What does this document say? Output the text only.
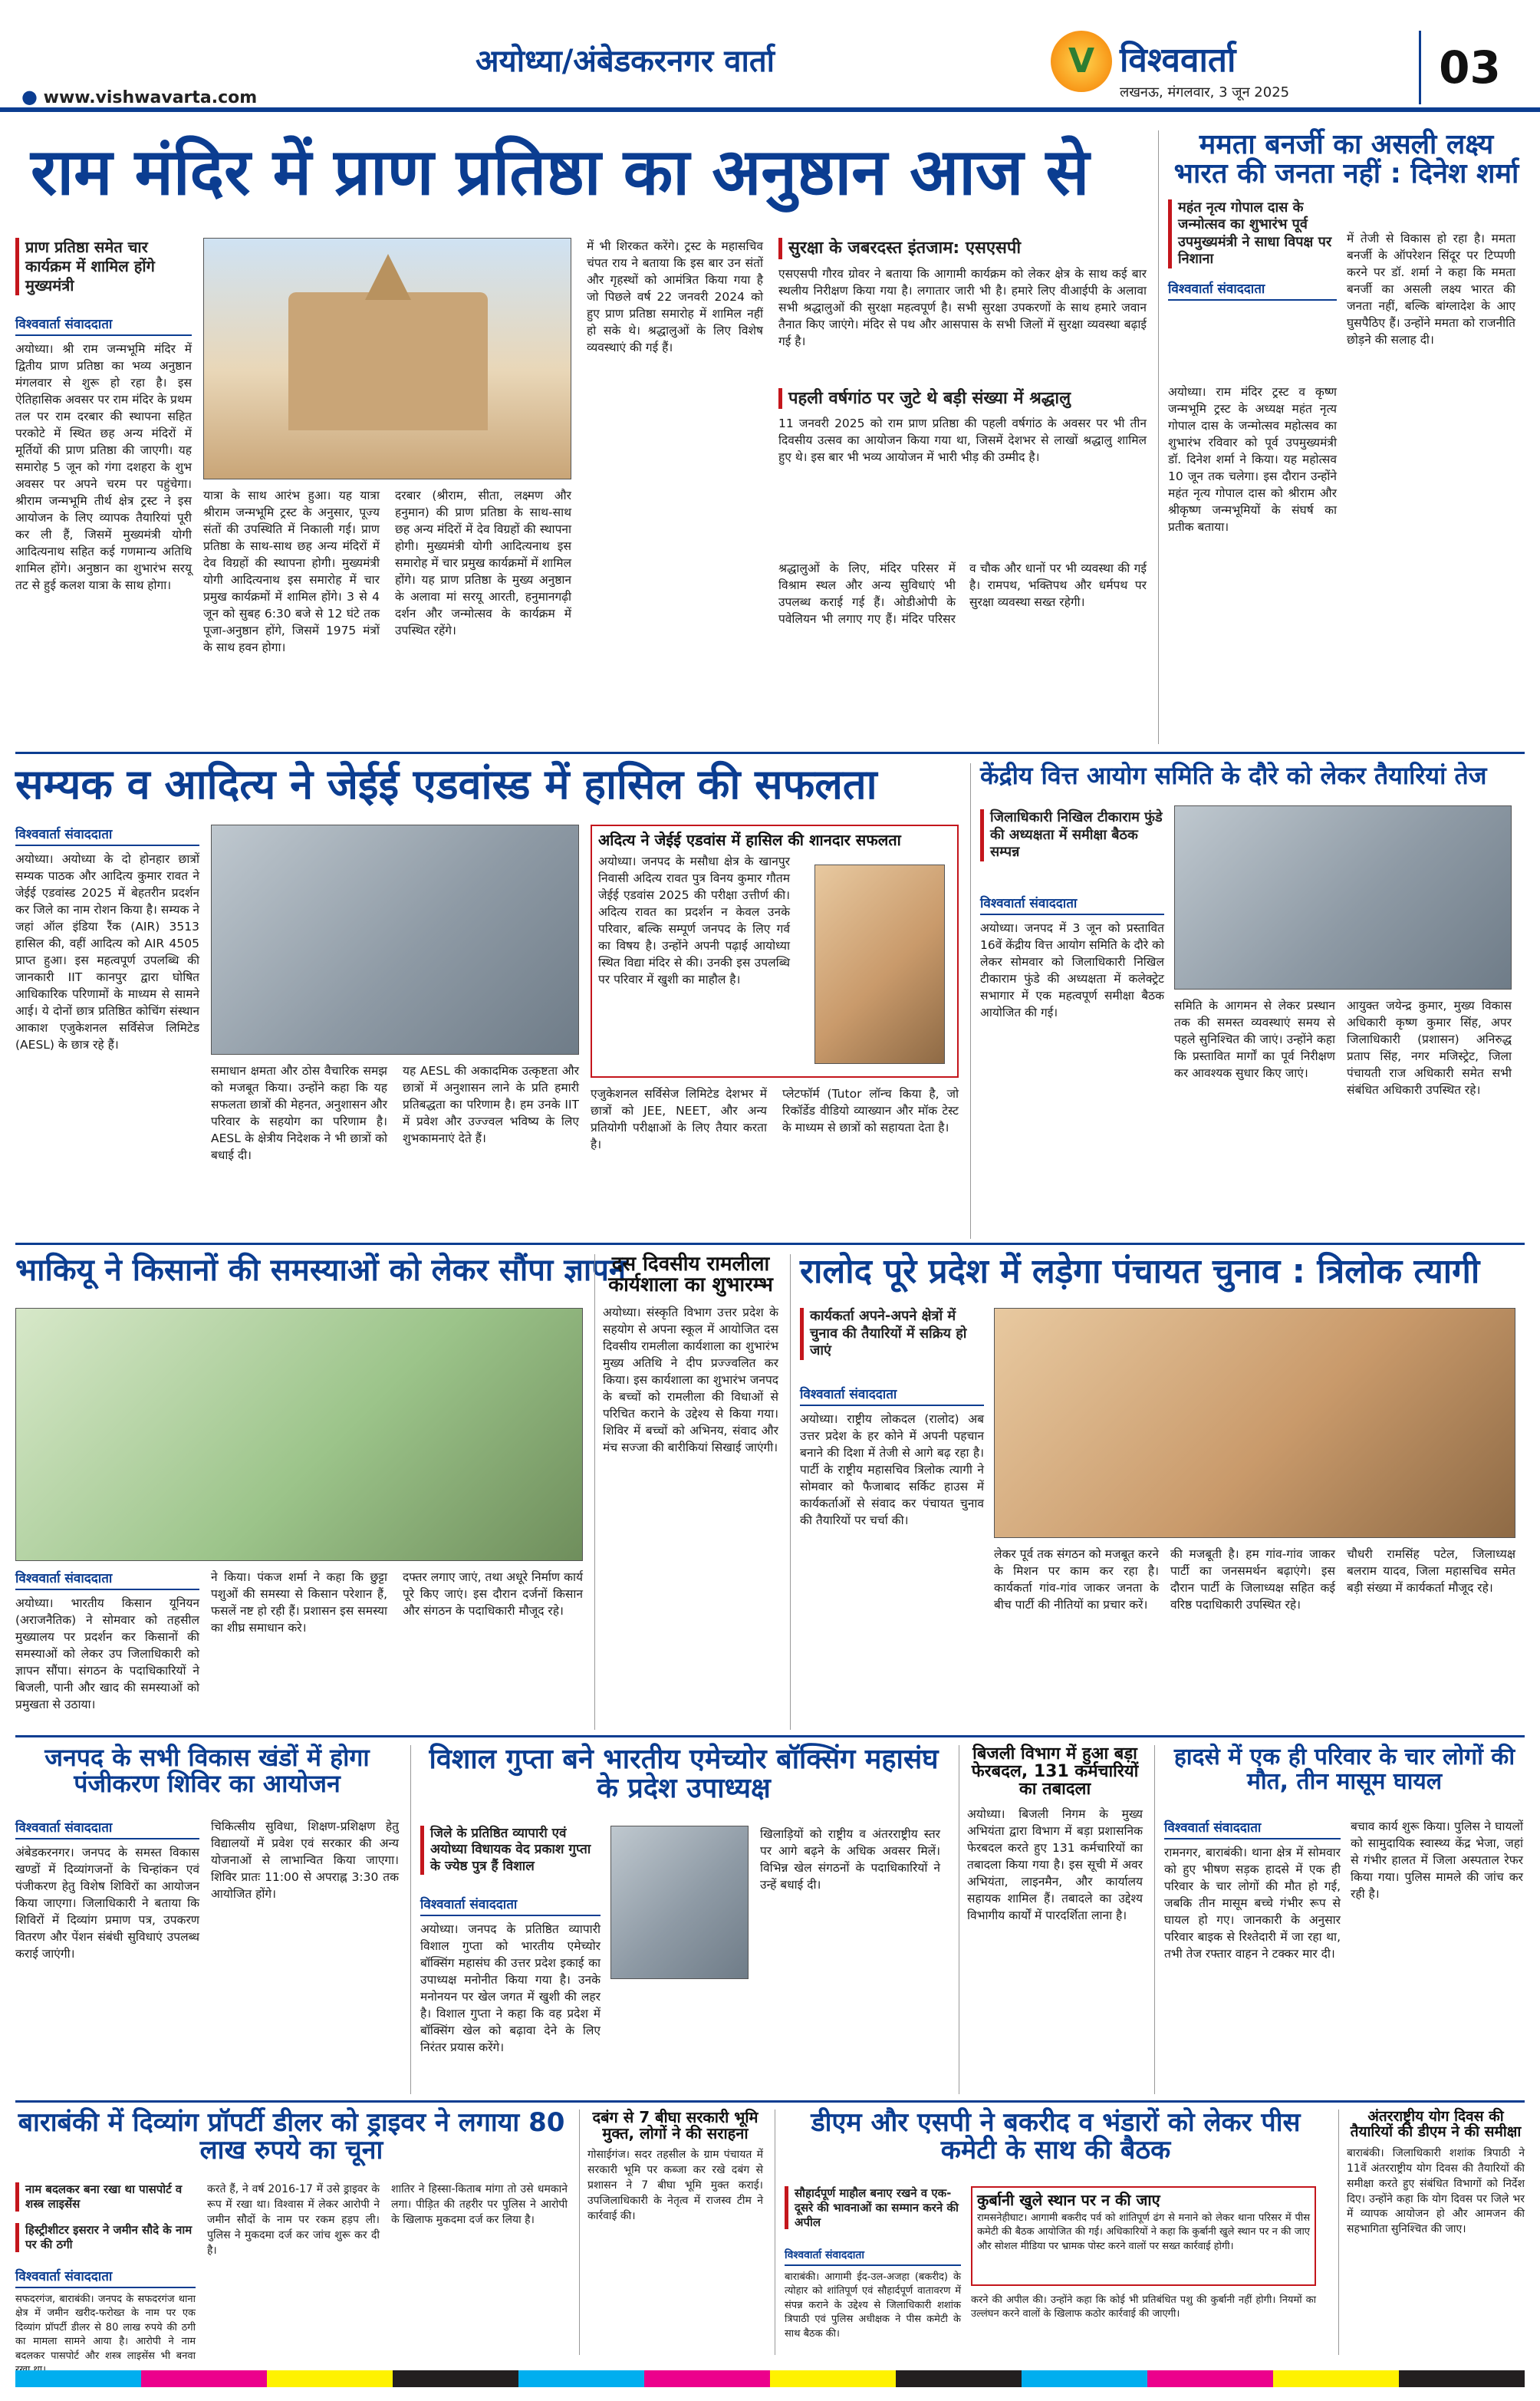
अयोध्या/अंबेडकरनगर वार्ता
● www.vishwavarta.com
V विश्ववार्ता
लखनऊ, मंगलवार, 3 जून 2025	03
राम मंदिर में प्राण प्रतिष्ठा का अनुष्ठान आज से
प्राण प्रतिष्ठा समेत चार कार्यक्रम में शामिल होंगे मुख्यमंत्री
विश्ववार्ता संवाददाता
अयोध्या। श्री राम जन्मभूमि मंदिर में द्वितीय प्राण प्रतिष्ठा का भव्य अनुष्ठान मंगलवार से शुरू हो रहा है। इस ऐतिहासिक अवसर पर राम मंदिर के प्रथम तल पर राम दरबार की स्थापना सहित परकोटे में स्थित छह अन्य मंदिरों में मूर्तियों की प्राण प्रतिष्ठा की जाएगी। यह समारोह 5 जून को गंगा दशहरा के शुभ अवसर पर अपने चरम पर पहुंचेगा। श्रीराम जन्मभूमि तीर्थ क्षेत्र ट्रस्ट ने इस आयोजन के लिए व्यापक तैयारियां पूरी कर ली हैं, जिसमें मुख्यमंत्री योगी आदित्यनाथ सहित कई गणमान्य अतिथि शामिल होंगे। अनुष्ठान का शुभारंभ सरयू तट से हुई कलश यात्रा के साथ होगा।
यात्रा के साथ आरंभ हुआ। यह यात्रा श्रीराम जन्मभूमि ट्रस्ट के अनुसार, पूज्य संतों की उपस्थिति में निकाली गई। प्राण प्रतिष्ठा के साथ-साथ छह अन्य मंदिरों में देव विग्रहों की स्थापना होगी। मुख्यमंत्री योगी आदित्यनाथ इस समारोह में चार प्रमुख कार्यक्रमों में शामिल होंगे। 3 से 4 जून को सुबह 6:30 बजे से 12 घंटे तक पूजा-अनुष्ठान होंगे, जिसमें 1975 मंत्रों के साथ हवन होगा।
दरबार (श्रीराम, सीता, लक्ष्मण और हनुमान) की प्राण प्रतिष्ठा के साथ-साथ छह अन्य मंदिरों में देव विग्रहों की स्थापना होगी। मुख्यमंत्री योगी आदित्यनाथ इस समारोह में चार प्रमुख कार्यक्रमों में शामिल होंगे। यह प्राण प्रतिष्ठा के मुख्य अनुष्ठान के अलावा मां सरयू आरती, हनुमानगढ़ी दर्शन और जन्मोत्सव के कार्यक्रम में उपस्थित रहेंगे।
में भी शिरकत करेंगे। ट्रस्ट के महासचिव चंपत राय ने बताया कि इस बार उन संतों और गृहस्थों को आमंत्रित किया गया है जो पिछले वर्ष 22 जनवरी 2024 को हुए प्राण प्रतिष्ठा समारोह में शामिल नहीं हो सके थे। श्रद्धालुओं के लिए विशेष व्यवस्थाएं की गई हैं।
सुरक्षा के जबरदस्त इंतजाम: एसएसपी
एसएसपी गौरव ग्रोवर ने बताया कि आगामी कार्यक्रम को लेकर क्षेत्र के साथ कई बार स्थलीय निरीक्षण किया गया है। लगातार जारी भी है। हमारे लिए वीआईपी के अलावा सभी श्रद्धालुओं की सुरक्षा महत्वपूर्ण है। सभी सुरक्षा उपकरणों के साथ हमारे जवान तैनात किए जाएंगे। मंदिर से पथ और आसपास के सभी जिलों में सुरक्षा व्यवस्था बढ़ाई गई है।
पहली वर्षगांठ पर जुटे थे बड़ी संख्या में श्रद्धालु
11 जनवरी 2025 को राम प्राण प्रतिष्ठा की पहली वर्षगांठ के अवसर पर भी तीन दिवसीय उत्सव का आयोजन किया गया था, जिसमें देशभर से लाखों श्रद्धालु शामिल हुए थे। इस बार भी भव्य आयोजन में भारी भीड़ की उम्मीद है।
श्रद्धालुओं के लिए, मंदिर परिसर में विश्राम स्थल और अन्य सुविधाएं भी उपलब्ध कराई गई हैं। ओडीओपी के पवेलियन भी लगाए गए हैं। मंदिर परिसर व चौक और धानों पर भी व्यवस्था की गई है। रामपथ, भक्तिपथ और धर्मपथ पर सुरक्षा व्यवस्था सख्त रहेगी।
ममता बनर्जी का असली लक्ष्य भारत की जनता नहीं : दिनेश शर्मा
महंत नृत्य गोपाल दास के जन्मोत्सव का शुभारंभ पूर्व उपमुख्यमंत्री ने साधा विपक्ष पर निशाना
विश्ववार्ता संवाददाता
अयोध्या। राम मंदिर ट्रस्ट व कृष्ण जन्मभूमि ट्रस्ट के अध्यक्ष महंत नृत्य गोपाल दास के जन्मोत्सव महोत्सव का शुभारंभ रविवार को पूर्व उपमुख्यमंत्री डॉ. दिनेश शर्मा ने किया। यह महोत्सव 10 जून तक चलेगा। इस दौरान उन्होंने महंत नृत्य गोपाल दास को श्रीराम और श्रीकृष्ण जन्मभूमियों के संघर्ष का प्रतीक बताया।
में तेजी से विकास हो रहा है। ममता बनर्जी के ऑपरेशन सिंदूर पर टिप्पणी करने पर डॉ. शर्मा ने कहा कि ममता बनर्जी का असली लक्ष्य भारत की जनता नहीं, बल्कि बांग्लादेश के आए घुसपैठिए हैं। उन्होंने ममता को राजनीति छोड़ने की सलाह दी।
सम्यक व आदित्य ने जेईई एडवांस्ड में हासिल की सफलता
विश्ववार्ता संवाददाता
अयोध्या। अयोध्या के दो होनहार छात्रों सम्यक पाठक और आदित्य कुमार रावत ने जेईई एडवांस्ड 2025 में बेहतरीन प्रदर्शन कर जिले का नाम रोशन किया है। सम्यक ने जहां ऑल इंडिया रैंक (AIR) 3513 हासिल की, वहीं आदित्य को AIR 4505 प्राप्त हुआ। इस महत्वपूर्ण उपलब्धि की जानकारी IIT कानपुर द्वारा घोषित आधिकारिक परिणामों के माध्यम से सामने आई। ये दोनों छात्र प्रतिष्ठित कोचिंग संस्थान आकाश एजुकेशनल सर्विसेज लिमिटेड (AESL) के छात्र रहे हैं।
समाधान क्षमता और ठोस वैचारिक समझ को मजबूत किया। उन्होंने कहा कि यह सफलता छात्रों की मेहनत, अनुशासन और परिवार के सहयोग का परिणाम है। AESL के क्षेत्रीय निदेशक ने भी छात्रों को बधाई दी।
यह AESL की अकादमिक उत्कृष्टता और छात्रों में अनुशासन लाने के प्रति हमारी प्रतिबद्धता का परिणाम है। हम उनके IIT में प्रवेश और उज्ज्वल भविष्य के लिए शुभकामनाएं देते हैं।
अदित्य ने जेईई एडवांस में हासिल की शानदार सफलता
अयोध्या। जनपद के मसौधा क्षेत्र के खानपुर निवासी अदित्य रावत पुत्र विनय कुमार गौतम जेईई एडवांस 2025 की परीक्षा उत्तीर्ण की। अदित्य रावत का प्रदर्शन न केवल उनके परिवार, बल्कि सम्पूर्ण जनपद के लिए गर्व का विषय है। उन्होंने अपनी पढ़ाई आयोध्या स्थित विद्या मंदिर से की। उनकी इस उपलब्धि पर परिवार में खुशी का माहौल है।
एजुकेशनल सर्विसेज लिमिटेड देशभर में छात्रों को JEE, NEET, और अन्य प्रतियोगी परीक्षाओं के लिए तैयार करता है।
प्लेटफॉर्म (Tutor लॉन्च किया है, जो रिकॉर्डेड वीडियो व्याख्यान और मॉक टेस्ट के माध्यम से छात्रों को सहायता देता है।
केंद्रीय वित्त आयोग समिति के दौरे को लेकर तैयारियां तेज
जिलाधिकारी निखिल टीकाराम फुंडे की अध्यक्षता में समीक्षा बैठक सम्पन्न
विश्ववार्ता संवाददाता
अयोध्या। जनपद में 3 जून को प्रस्तावित 16वें केंद्रीय वित्त आयोग समिति के दौरे को लेकर सोमवार को जिलाधिकारी निखिल टीकाराम फुंडे की अध्यक्षता में कलेक्ट्रेट सभागार में एक महत्वपूर्ण समीक्षा बैठक आयोजित की गई।	समिति के आगमन से लेकर प्रस्थान तक की समस्त व्यवस्थाएं समय से पहले सुनिश्चित की जाएं। उन्होंने कहा कि प्रस्तावित मार्गों का पूर्व निरीक्षण कर आवश्यक सुधार किए जाएं।
आयुक्त जयेन्द्र कुमार, मुख्य विकास अधिकारी कृष्ण कुमार सिंह, अपर जिलाधिकारी (प्रशासन) अनिरुद्ध प्रताप सिंह, नगर मजिस्ट्रेट, जिला पंचायती राज अधिकारी समेत सभी संबंधित अधिकारी उपस्थित रहे।
भाकियू ने किसानों की समस्याओं को लेकर सौंपा ज्ञापन
विश्ववार्ता संवाददाता
अयोध्या। भारतीय किसान यूनियन (अराजनैतिक) ने सोमवार को तहसील मुख्यालय पर प्रदर्शन कर किसानों की समस्याओं को लेकर उप जिलाधिकारी को ज्ञापन सौंपा। संगठन के पदाधिकारियों ने बिजली, पानी और खाद की समस्याओं को प्रमुखता से उठाया।
ने किया। पंकज शर्मा ने कहा कि छुट्टा पशुओं की समस्या से किसान परेशान हैं, फसलें नष्ट हो रही हैं। प्रशासन इस समस्या का शीघ्र समाधान करे।
दफ्तर लगाए जाएं, तथा अधूरे निर्माण कार्य पूरे किए जाएं। इस दौरान दर्जनों किसान और संगठन के पदाधिकारी मौजूद रहे।
दस दिवसीय रामलीला कार्यशाला का शुभारम्भ
अयोध्या। संस्कृति विभाग उत्तर प्रदेश के सहयोग से अपना स्कूल में आयोजित दस दिवसीय रामलीला कार्यशाला का शुभारंभ मुख्य अतिथि ने दीप प्रज्ज्वलित कर किया। इस कार्यशाला का शुभारंभ जनपद के बच्चों को रामलीला की विधाओं से परिचित कराने के उद्देश्य से किया गया। शिविर में बच्चों को अभिनय, संवाद और मंच सज्जा की बारीकियां सिखाई जाएंगी।
रालोद पूरे प्रदेश में लड़ेगा पंचायत चुनाव : त्रिलोक त्यागी
कार्यकर्ता अपने-अपने क्षेत्रों में चुनाव की तैयारियों में सक्रिय हो जाएं
विश्ववार्ता संवाददाता
अयोध्या। राष्ट्रीय लोकदल (रालोद) अब उत्तर प्रदेश के हर कोने में अपनी पहचान बनाने की दिशा में तेजी से आगे बढ़ रहा है। पार्टी के राष्ट्रीय महासचिव त्रिलोक त्यागी ने सोमवार को फैजाबाद सर्किट हाउस में कार्यकर्ताओं से संवाद कर पंचायत चुनाव की तैयारियों पर चर्चा की।
लेकर पूर्व तक संगठन को मजबूत करने के मिशन पर काम कर रहा है। कार्यकर्ता गांव-गांव जाकर जनता के बीच पार्टी की नीतियों का प्रचार करें।
की मजबूती है। हम गांव-गांव जाकर पार्टी का जनसमर्थन बढ़ाएंगे। इस दौरान पार्टी के जिलाध्यक्ष सहित कई वरिष्ठ पदाधिकारी उपस्थित रहे।
चौधरी रामसिंह पटेल, जिलाध्यक्ष बलराम यादव, जिला महासचिव समेत बड़ी संख्या में कार्यकर्ता मौजूद रहे।
जनपद के सभी विकास खंडों में होगा पंजीकरण शिविर का आयोजन
विश्ववार्ता संवाददाता
अंबेडकरनगर। जनपद के समस्त विकास खण्डों में दिव्यांगजनों के चिन्हांकन एवं पंजीकरण हेतु विशेष शिविरों का आयोजन किया जाएगा। जिलाधिकारी ने बताया कि शिविरों में दिव्यांग प्रमाण पत्र, उपकरण वितरण और पेंशन संबंधी सुविधाएं उपलब्ध कराई जाएंगी।
चिकित्सीय सुविधा, शिक्षण-प्रशिक्षण हेतु विद्यालयों में प्रवेश एवं सरकार की अन्य योजनाओं से लाभान्वित किया जाएगा। शिविर प्रातः 11:00 से अपराह्न 3:30 तक आयोजित होंगे।
विशाल गुप्ता बने भारतीय एमेच्योर बॉक्सिंग महासंघ के प्रदेश उपाध्यक्ष
जिले के प्रतिष्ठित व्यापारी एवं अयोध्या विधायक वेद प्रकाश गुप्ता के ज्येष्ठ पुत्र हैं विशाल
विश्ववार्ता संवाददाता
अयोध्या। जनपद के प्रतिष्ठित व्यापारी विशाल गुप्ता को भारतीय एमेच्योर बॉक्सिंग महासंघ की उत्तर प्रदेश इकाई का उपाध्यक्ष मनोनीत किया गया है। उनके मनोनयन पर खेल जगत में खुशी की लहर है। विशाल गुप्ता ने कहा कि वह प्रदेश में बॉक्सिंग खेल को बढ़ावा देने के लिए निरंतर प्रयास करेंगे।
खिलाड़ियों को राष्ट्रीय व अंतरराष्ट्रीय स्तर पर आगे बढ़ने के अधिक अवसर मिलें। विभिन्न खेल संगठनों के पदाधिकारियों ने उन्हें बधाई दी।
बिजली विभाग में हुआ बड़ा फेरबदल, 131 कर्मचारियों का तबादला
अयोध्या। बिजली निगम के मुख्य अभियंता द्वारा विभाग में बड़ा प्रशासनिक फेरबदल करते हुए 131 कर्मचारियों का तबादला किया गया है। इस सूची में अवर अभियंता, लाइनमैन, और कार्यालय सहायक शामिल हैं। तबादले का उद्देश्य विभागीय कार्यों में पारदर्शिता लाना है।
हादसे में एक ही परिवार के चार लोगों की मौत, तीन मासूम घायल
विश्ववार्ता संवाददाता
रामनगर, बाराबंकी। थाना क्षेत्र में सोमवार को हुए भीषण सड़क हादसे में एक ही परिवार के चार लोगों की मौत हो गई, जबकि तीन मासूम बच्चे गंभीर रूप से घायल हो गए। जानकारी के अनुसार परिवार बाइक से रिश्तेदारी में जा रहा था, तभी तेज रफ्तार वाहन ने टक्कर मार दी।
बचाव कार्य शुरू किया। पुलिस ने घायलों को सामुदायिक स्वास्थ्य केंद्र भेजा, जहां से गंभीर हालत में जिला अस्पताल रेफर किया गया। पुलिस मामले की जांच कर रही है।
बाराबंकी में दिव्यांग प्रॉपर्टी डीलर को ड्राइवर ने लगाया 80 लाख रुपये का चूना
नाम बदलकर बना रखा था पासपोर्ट व शस्त्र लाइसेंस
हिस्ट्रीशीटर इसरार ने जमीन सौदे के नाम पर की ठगी
विश्ववार्ता संवाददाता
सफदरगंज, बाराबंकी। जनपद के सफदरगंज थाना क्षेत्र में जमीन खरीद-फरोख्त के नाम पर एक दिव्यांग प्रॉपर्टी डीलर से 80 लाख रुपये की ठगी का मामला सामने आया है। आरोपी ने नाम बदलकर पासपोर्ट और शस्त्र लाइसेंस भी बनवा
करते हैं, ने वर्ष 2016-17 में उसे ड्राइवर के रूप में रखा था। विश्वास में लेकर आरोपी ने जमीन सौदों के नाम पर रकम हड़प ली। पुलिस ने मुकदमा दर्ज कर जांच शुरू कर दी है।
शातिर ने हिस्सा-किताब मांगा तो उसे धमकाने लगा। पीड़ित की तहरीर पर पुलिस ने आरोपी के खिलाफ मुकदमा दर्ज कर लिया है।
दबंग से 7 बीघा सरकारी भूमि मुक्त, लोगों ने की सराहना
गोसाईगंज। सदर तहसील के ग्राम पंचायत में सरकारी भूमि पर कब्जा कर रखे दबंग से प्रशासन ने 7 बीघा भूमि मुक्त कराई। उपजिलाधिकारी के नेतृत्व में राजस्व टीम ने कार्रवाई की।
डीएम और एसपी ने बकरीद व भंडारों को लेकर पीस कमेटी के साथ की बैठक
सौहार्दपूर्ण माहौल बनाए रखने व एक-दूसरे की भावनाओं का सम्मान करने की अपील
कुर्बानी खुले स्थान पर न की जाए
रामसनेहीघाट। आगामी बकरीद पर्व को शांतिपूर्ण ढंग से मनाने को लेकर थाना परिसर में पीस कमेटी की बैठक आयोजित की गई। अधिकारियों ने कहा कि कुर्बानी खुले स्थान पर न की जाए और सोशल मीडिया पर भ्रामक पोस्ट करने वालों पर सख्त कार्रवाई होगी।
विश्ववार्ता संवाददाता
बाराबंकी। आगामी ईद-उल-अजहा (बकरीद) के त्योहार को शांतिपूर्ण एवं सौहार्दपूर्ण वातावरण में संपन्न कराने के उद्देश्य से जिलाधिकारी शशांक त्रिपाठी एवं पुलिस अधीक्षक ने पीस कमेटी के साथ बैठक की।
करने की अपील की। उन्होंने कहा कि कोई भी प्रतिबंधित पशु की कुर्बानी नहीं होगी। नियमों का उल्लंघन करने वालों के खिलाफ कठोर कार्रवाई की जाएगी।
अंतरराष्ट्रीय योग दिवस की तैयारियों की डीएम ने की समीक्षा
बाराबंकी। जिलाधिकारी शशांक त्रिपाठी ने 11वें अंतरराष्ट्रीय योग दिवस की तैयारियों की समीक्षा करते हुए संबंधित विभागों को निर्देश दिए। उन्होंने कहा कि योग दिवस पर जिले भर में व्यापक आयोजन हो और आमजन की सहभागिता सुनिश्चित की जाए।
